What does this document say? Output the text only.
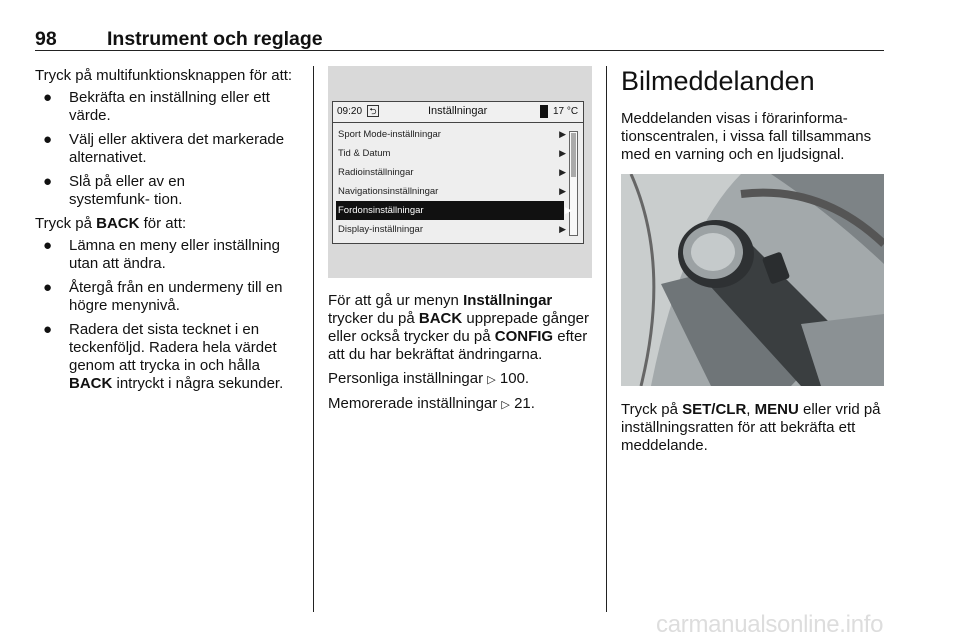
98	Instrument och reglage

Tryck på multifunktionsknappen för att:

● Bekräfta en inställning eller ett värde.
● Välj eller aktivera det markerade alternativet.
● Slå på eller av en systemfunk- tion.

Tryck på BACK för att:

● Lämna en meny eller inställning utan att ändra.
● Återgå från en undermeny till en högre menynivå.
● Radera det sista tecknet i en teckenföljd. Radera hela värdet genom att trycka in och hålla BACK intryckt i några sekunder.
09:20 ⮌	Inställningar	17 °C
Sport Mode-inställningar	▶
Tid & Datum	▶
Radioinställningar	▶
Navigationsinställningar	▶
Fordonsinställningar	▶
Display-inställningar	▶

För att gå ur menyn Inställningar trycker du på BACK upprepade gånger eller också trycker du på CONFIG efter att du har bekräftat ändringarna.

Personliga inställningar ▷ 100.

Memorerade inställningar ▷ 21.

Bilmeddelanden

Meddelanden visas i förarinforma- tionscentralen, i vissa fall tillsammans med en varning och en ljudsignal.

Tryck på SET/CLR, MENU eller vrid på inställningsratten för att bekräfta ett meddelande.

carmanualsonline.info
